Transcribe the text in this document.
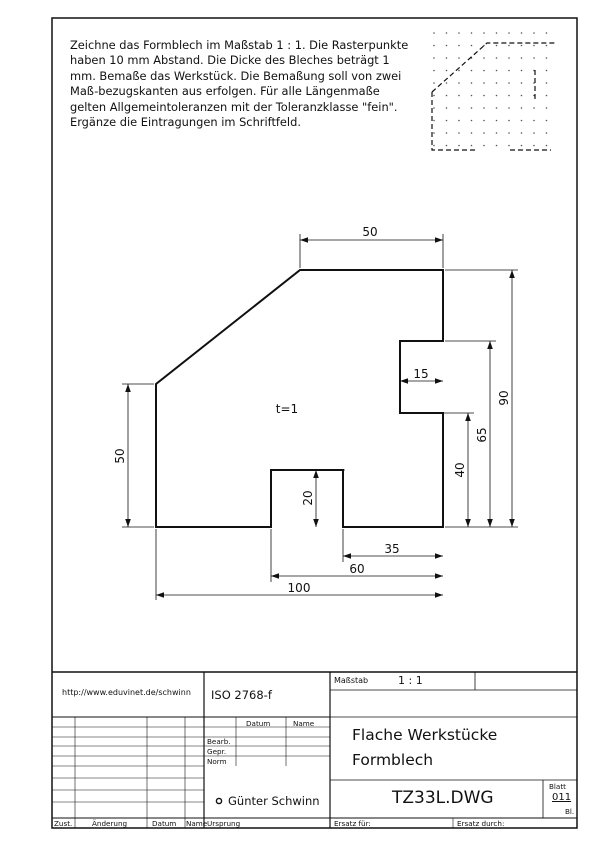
50
15
90
65
40
50
20
35
60
100
t=1
Zeichne das Formblech im Maßstab 1 : 1. Die Rasterpunkte haben 10 mm Abstand. Die Dicke des Bleches beträgt 1 mm. Bemaße das Werkstück. Die Bemaßung soll von zwei Maß-bezugskanten aus erfolgen. Für alle Längenmaße gelten Allgemeintoleranzen mit der Toleranzklasse "fein". Ergänze die Eintragungen im Schriftfeld.
http://www.eduvinet.de/schwinn ISO 2768-f
Maßstab	1 : 1
Datum	Name
Bearb.
Gepr.
Norm
Flache Werkstücke
Formblech
Günter Schwinn	TZ33L.DWG
Blatt
011
Bl.
Zust.	Änderung	Datum Name Ursprung	Ersatz für:	Ersatz durch:
